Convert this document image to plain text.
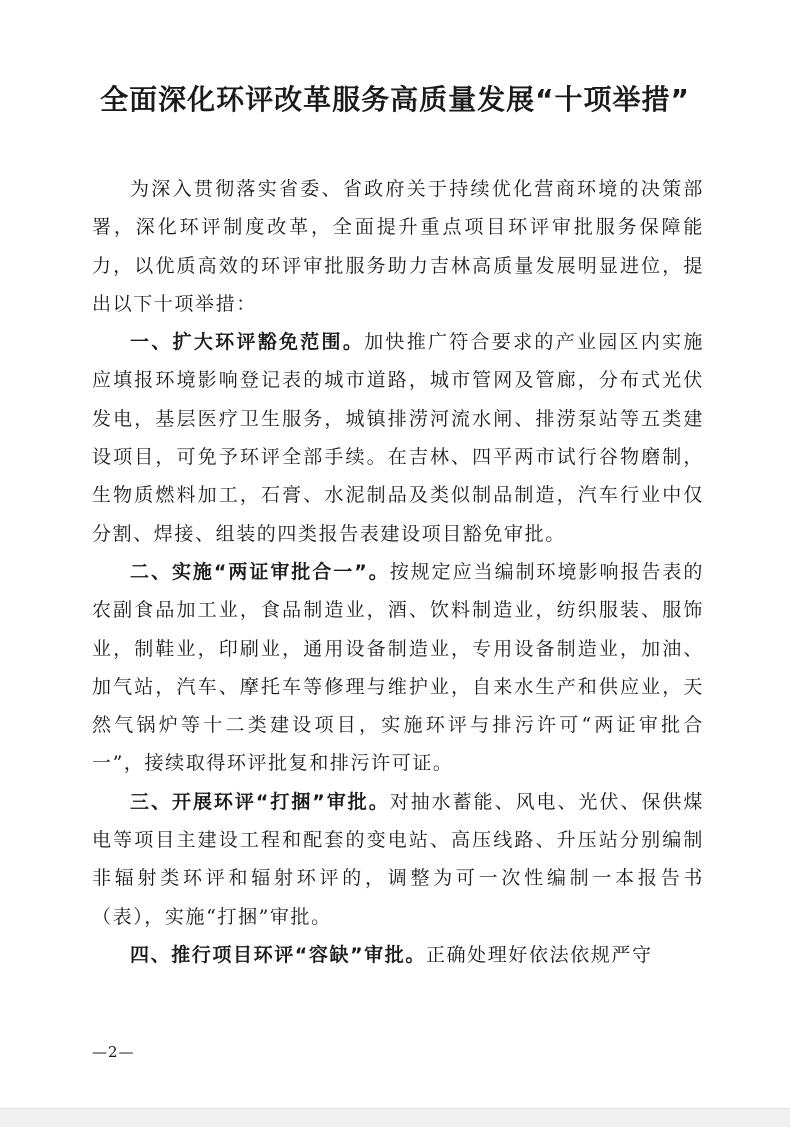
全面深化环评改革服务高质量发展“十项举措”

为深入贯彻落实省委、省政府关于持续优化营商环境的决策部署，深化环评制度改革，全面提升重点项目环评审批服务保障能力，以优质高效的环评审批服务助力吉林高质量发展明显进位，提出以下十项举措：

一、扩大环评豁免范围。加快推广符合要求的产业园区内实施应填报环境影响登记表的城市道路，城市管网及管廊，分布式光伏发电，基层医疗卫生服务，城镇排涝河流水闸、排涝泵站等五类建设项目，可免予环评全部手续。在吉林、四平两市试行谷物磨制，生物质燃料加工，石膏、水泥制品及类似制品制造，汽车行业中仅分割、焊接、组装的四类报告表建设项目豁免审批。

二、实施“两证审批合一”。按规定应当编制环境影响报告表的农副食品加工业，食品制造业，酒、饮料制造业，纺织服装、服饰业，制鞋业，印刷业，通用设备制造业，专用设备制造业，加油、加气站，汽车、摩托车等修理与维护业，自来水生产和供应业，天然气锅炉等十二类建设项目，实施环评与排污许可“两证审批合一”，接续取得环评批复和排污许可证。

三、开展环评“打捆”审批。对抽水蓄能、风电、光伏、保供煤电等项目主建设工程和配套的变电站、高压线路、升压站分别编制非辐射类环评和辐射环评的，调整为可一次性编制一本报告书（表），实施“打捆”审批。

四、推行项目环评“容缺”审批。正确处理好依法依规严守

—2—
